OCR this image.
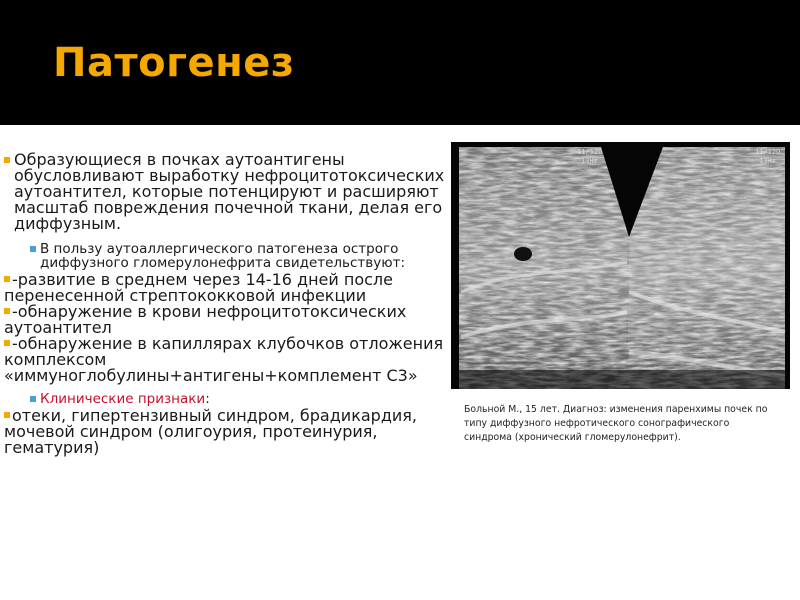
Патогенез

Образующиеся в почках аутоантигены обусловливают выработку нефроцитотоксических аутоантител, которые потенцируют и расширяют масштаб повреждения почечной ткани, делая его диффузным.

В пользу аутоаллергического патогенеза острого диффузного гломерулонефрита свидетельствуют:

-развитие в среднем через 14-16 дней после перенесенной стрептококковой инфекции

-обнаружение в крови нефроцитотоксических аутоантител

-обнаружение в капиллярах клубочков отложения комплексом «иммуноглобулины+антигены+комплемент С3»

Клинические признаки:

отеки, гипертензивный синдром, брадикардия, мочевой синдром (олигоурия, протеинурия, гематурия)

11/12D
13Hz
11/12D
13Hz

Больной М., 15 лет. Диагноз: изменения паренхимы почек по типу диффузного нефротического сонографического синдрома (хронический гломерулонефрит).
